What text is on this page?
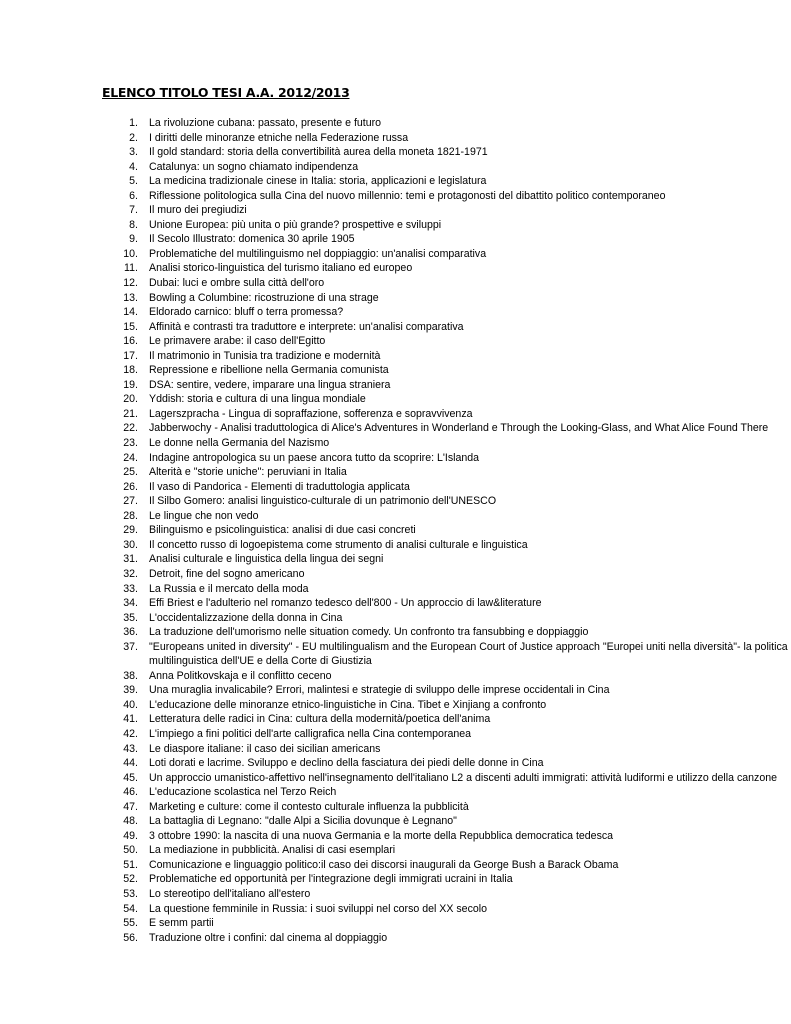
ELENCO TITOLO TESI A.A. 2012/2013
1. La rivoluzione cubana: passato, presente e futuro
2. I diritti delle minoranze etniche nella Federazione russa
3. Il gold standard: storia della convertibilità aurea della moneta 1821-1971
4. Catalunya: un sogno chiamato indipendenza
5. La medicina tradizionale cinese in Italia: storia, applicazioni e legislatura
6. Riflessione politologica sulla Cina del nuovo millennio: temi e protagonosti del dibattito politico contemporaneo
7. Il muro dei pregiudizi
8. Unione Europea: più unita o più grande? prospettive e sviluppi
9. Il Secolo Illustrato: domenica 30 aprile 1905
10. Problematiche del multilinguismo nel doppiaggio: un'analisi comparativa
11. Analisi storico-linguistica del turismo italiano ed europeo
12. Dubai: luci e ombre sulla città dell'oro
13. Bowling a Columbine: ricostruzione di una strage
14. Eldorado carnico: bluff o terra promessa?
15. Affinità e contrasti tra traduttore e interprete: un'analisi comparativa
16. Le primavere arabe: il caso dell'Egitto
17. Il matrimonio in Tunisia tra tradizione e modernità
18. Repressione e ribellione nella Germania comunista
19. DSA: sentire, vedere, imparare una lingua straniera
20. Yddish: storia e cultura di una lingua mondiale
21. Lagerszpracha - Lingua di sopraffazione, sofferenza e sopravvivenza
22. Jabberwochy - Analisi traduttologica di Alice's Adventures in Wonderland e Through the Looking-Glass, and What Alice Found There
23. Le donne nella Germania del Nazismo
24. Indagine antropologica su un paese ancora tutto da scoprire: L'Islanda
25. Alterità e "storie uniche": peruviani in Italia
26. Il vaso di Pandorica - Elementi di traduttologia applicata
27. Il Silbo Gomero: analisi linguistico-culturale di un patrimonio dell'UNESCO
28. Le lingue che non vedo
29. Bilinguismo e psicolinguistica: analisi di due casi concreti
30. Il concetto russo di logoepistema come strumento di analisi culturale e linguistica
31. Analisi culturale e linguistica della lingua dei segni
32. Detroit, fine del sogno americano
33. La Russia e il mercato della moda
34. Effi Briest e l'adulterio nel romanzo tedesco dell'800 - Un approccio di law&literature
35. L'occidentalizzazione della donna in Cina
36. La traduzione dell'umorismo nelle situation comedy. Un confronto tra fansubbing e doppiaggio
37. "Europeans united in diversity" - EU multilingualism and the European Court of Justice approach "Europei uniti nella diversità"- la politica multilinguistica dell'UE e della Corte di Giustizia
38. Anna Politkovskaja e il conflitto ceceno
39. Una muraglia invalicabile? Errori, malintesi e strategie di sviluppo delle imprese occidentali in Cina
40. L'educazione delle minoranze etnico-linguistiche in Cina. Tibet e Xinjiang a confronto
41. Letteratura delle radici in Cina: cultura della modernità/poetica dell'anima
42. L'impiego a fini politici dell'arte calligrafica nella Cina contemporanea
43. Le diaspore italiane: il caso dei sicilian americans
44. Loti dorati e lacrime. Sviluppo e declino della fasciatura dei piedi delle donne in Cina
45. Un approccio umanistico-affettivo nell'insegnamento dell'italiano L2 a discenti adulti immigrati: attività ludiformi e utilizzo della canzone
46. L'educazione scolastica nel Terzo Reich
47. Marketing e culture: come il contesto culturale influenza la pubblicità
48. La battaglia di Legnano: "dalle Alpi a Sicilia dovunque è Legnano"
49. 3 ottobre 1990: la nascita di una nuova Germania e la morte della Repubblica democratica tedesca
50. La mediazione in pubblicità. Analisi di casi esemplari
51. Comunicazione e linguaggio politico:il caso dei discorsi inaugurali da George Bush a Barack Obama
52. Problematiche ed opportunità per l'integrazione degli immigrati ucraini in Italia
53. Lo stereotipo dell'italiano all'estero
54. La questione femminile in Russia: i suoi sviluppi nel corso del XX secolo
55. E semm partii
56. Traduzione oltre i confini: dal cinema al doppiaggio
